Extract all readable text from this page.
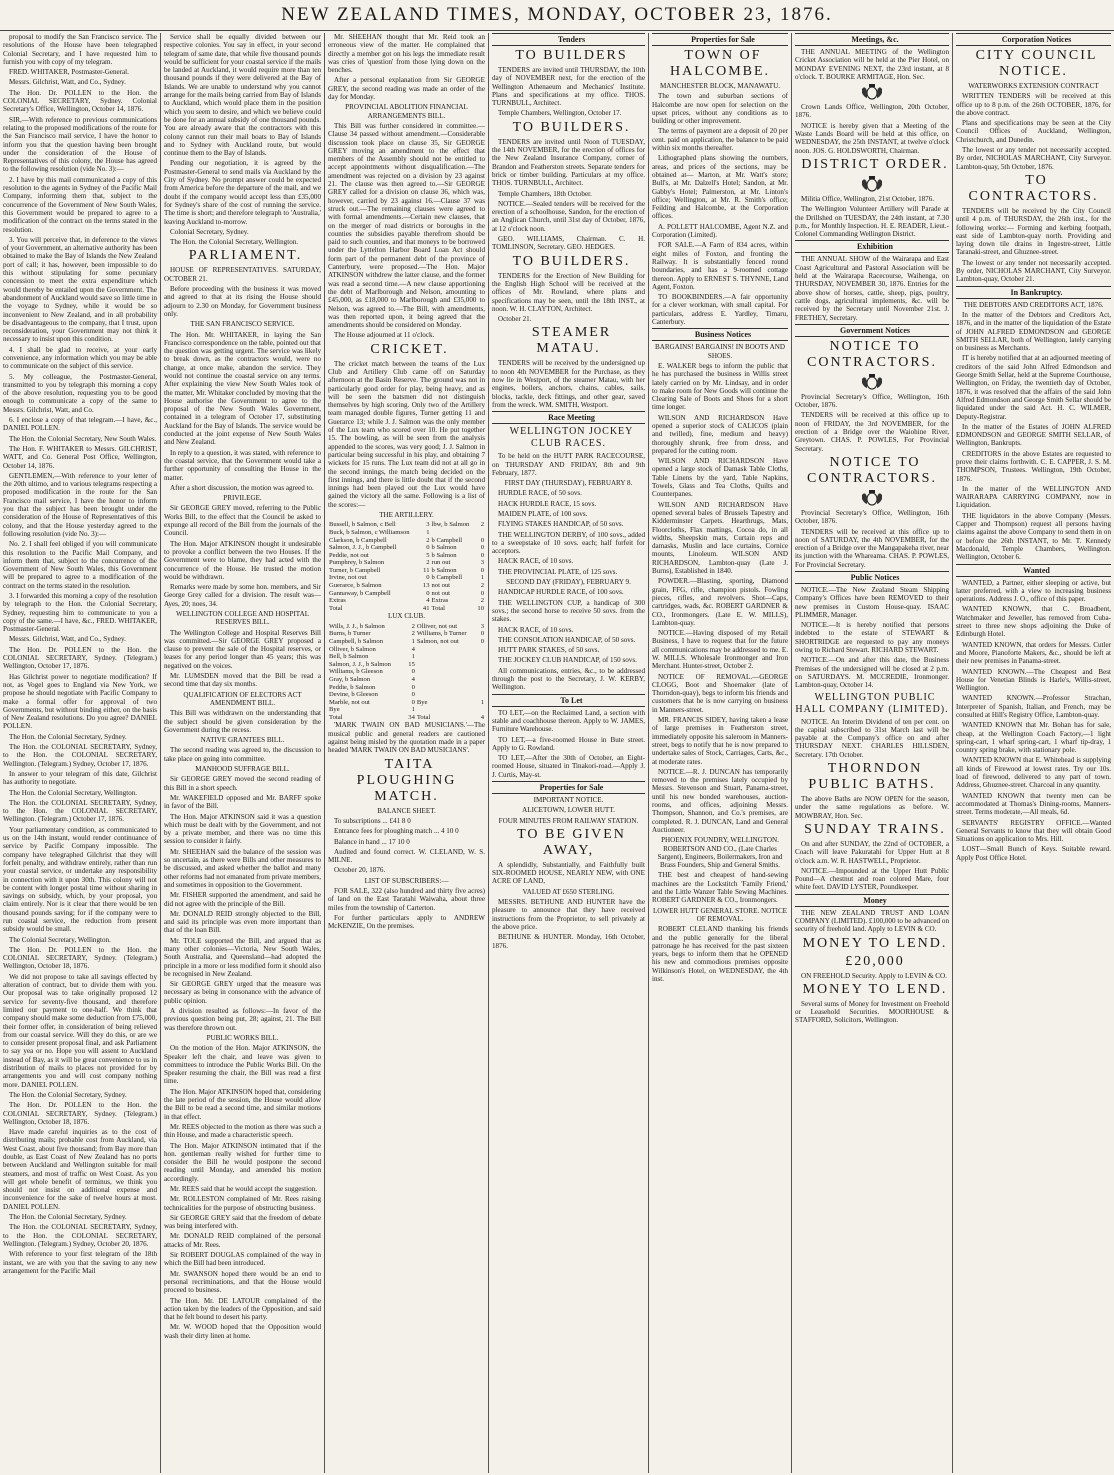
NEW ZEALAND TIMES, MONDAY, OCTOBER 23, 1876.

proposal to modify the San Francisco service. The resolutions of the House have been telegraphed Colonial Secretary, and I have requested him to furnish you with copy of my telegram.

FRED. WHITAKER, Postmaster-General.

Messrs. Gilchrist, Watt, and Co., Sydney.

The Hon. Dr. POLLEN to the Hon. the COLONIAL SECRETARY, Sydney. Colonial Secretary's Office, Wellington, October 14, 1876.

SIR,—With reference to previous communications relating to the proposed modifications of the route for the San Francisco mail service, I have the honor to inform you that the question having been brought under the consideration of the House of Representatives of this colony, the House has agreed to the following resolution (vide No. 3):—

2. I have by this mail communicated a copy of this resolution to the agents in Sydney of the Pacific Mail Company, informing them that, subject to the concurrence of the Government of New South Wales, this Government would be prepared to agree to a modification of the contract on the terms stated in the resolution.

3. You will perceive that, in deference to the views of your Government, an alternative authority has been obtained to make the Bay of Islands the New Zealand port of call; it has, however, been impossible to do this without stipulating for some pecuniary concession to meet the extra expenditure which would thereby be entailed upon the Government. The abandonment of Auckland would save so little time in the voyage to Sydney, while it would be so inconvenient to New Zealand, and in all probability be disadvantageous to the company, that I trust, upon reconsideration, your Government may not think it necessary to insist upon this condition.

4. I shall be glad to receive, at your early convenience, any information which you may be able to communicate on the subject of this service.

5. My colleague, the Postmaster-General, transmitted to you by telegraph this morning a copy of the above resolution, requesting you to be good enough to communicate a copy of the same to Messrs. Gilchrist, Watt, and Co.

6. I enclose a copy of that telegram.—I have, &c., DANIEL POLLEN.

The Hon. the Colonial Secretary, New South Wales.

The Hon. F. WHITAKER to Messrs. GILCHRIST, WATT, and Co. General Post Office, Wellington, October 14, 1876.

GENTLEMEN,—With reference to your letter of the 20th ultimo, and to various telegrams respecting a proposed modification in the route for the San Francisco mail service, I have the honor to inform you that the subject has been brought under the consideration of the House of Representatives of this colony, and that the House yesterday agreed to the following resolution (vide No. 3):—

No. 2. I shall feel obliged if you will communicate this resolution to the Pacific Mail Company, and inform them that, subject to the concurrence of the Government of New South Wales, this Government will be prepared to agree to a modification of the contract on the terms stated in the resolution.

3. I forwarded this morning a copy of the resolution by telegraph to the Hon. the Colonial Secretary, Sydney, requesting him to communicate to you a copy of the same.—I have, &c., FRED. WHITAKER, Postmaster-General.

Messrs. Gilchrist, Watt, and Co., Sydney.

The Hon. Dr. POLLEN to the Hon. the COLONIAL SECRETARY, Sydney. (Telegram.) Wellington, October 17, 1876.

Has Gilchrist power to negotiate modification? If not, as Vogel goes to England via New York, we propose he should negotiate with Pacific Company to make a formal offer for approval of two Governments, but without binding either, on the basis of New Zealand resolutions. Do you agree? DANIEL POLLEN.

The Hon. the Colonial Secretary, Sydney.

The Hon. the COLONIAL SECRETARY, Sydney, to the Hon. the COLONIAL SECRETARY, Wellington. (Telegram.) Sydney, October 17, 1876.

In answer to your telegram of this date, Gilchrist has authority to negotiate.

The Hon. the Colonial Secretary, Wellington.

The Hon. the COLONIAL SECRETARY, Sydney, to the Hon. the COLONIAL SECRETARY, Wellington. (Telegram.) October 17, 1876.

Your parliamentary condition, as communicated to us on the 14th instant, would render continuance of service by Pacific Company impossible. The company have telegraphed Gilchrist that they will forfeit penalty, and withdraw entirely, rather than run your coastal service, or undertake any responsibility in connection with it upon 30th. This colony will not be content with longer postal time without sharing in savings on subsidy, which, by your proposal, you claim entirely. Nor is it clear that there would be ten thousand pounds saving; for if the company were to run coastal service, the reduction from present subsidy would be small.

The Colonial Secretary, Wellington.

The Hon. Dr. POLLEN to the Hon. the COLONIAL SECRETARY, Sydney. (Telegram.) Wellington, October 18, 1876.

We did not propose to take all savings effected by alteration of contract, but to divide them with you. Our proposal was to take originally proposed 12 service for seventy-five thousand, and therefore limited our payment to one-half. We think that company should make some deduction from £75,000, their former offer, in consideration of being relieved from our coastal service. Will they do this, or are we to consider present proposal final, and ask Parliament to say yea or no. Hope you will assent to Auckland instead of Bay, as it will be great convenience to us in distribution of mails to places not provided for by arrangements you and will cost company nothing more. DANIEL POLLEN.

The Hon. the Colonial Secretary, Sydney.

The Hon. Dr. POLLEN to the Hon. the COLONIAL SECRETARY, Sydney. (Telegram.) Wellington, October 18, 1876.

Have made careful inquiries as to the cost of distributing mails; probable cost from Auckland, via West Coast, about five thousand; from Bay more than double, as East Coast of New Zealand has no ports between Auckland and Wellington suitable for mail steamers, and most of traffic on West Coast. As you will get whole benefit of terminus, we think you should not insist on additional expense and inconvenience for the sake of twelve hours at most. DANIEL POLLEN.

The Hon. the Colonial Secretary, Sydney.

The Hon. the COLONIAL SECRETARY, Sydney, to the Hon. the COLONIAL SECRETARY, Wellington. (Telegram.) Sydney, October 20, 1876.

With reference to your first telegram of the 18th instant, we are with you that the saving to any new arrangement for the Pacific Mail

Service shall be equally divided between our respective colonies. You say in effect, in your second telegram of same date, that while five thousand pounds would be sufficient for your coastal service if the mails be landed at Auckland, it would require more than ten thousand pounds if they were delivered at the Bay of Islands. We are unable to understand why you cannot arrange for the mails being carried from Bay of Islands to Auckland, which would place them in the position which you seem to desire, and which we believe could be done for an annual subsidy of one thousand pounds. You are already aware that the contractors with this colony cannot run their mail boats to Bay of Islands and to Sydney with Auckland route, but would continue them to the Bay of Islands.

Pending our negotiation, it is agreed by the Postmaster-General to send mails via Auckland by the City of Sydney. No prompt answer could be expected from America before the departure of the mail, and we doubt if the company would accept less than £35,000 for Sydney's share of the cost of running the service. The time is short; and therefore telegraph to 'Australia,' leaving Auckland to-morrow.

Colonial Secretary, Sydney.

The Hon. the Colonial Secretary, Wellington.

PARLIAMENT.

HOUSE OF REPRESENTATIVES. SATURDAY, OCTOBER 21.

Before proceeding with the business it was moved and agreed to that at its rising the House should adjourn to 2.30 on Monday, for Government business only.

THE SAN FRANCISCO SERVICE.

The Hon. Mr. WHITAKER, in laying the San Francisco correspondence on the table, pointed out that the question was getting urgent. The service was likely to break down, as the contractors would, were no change, at once make, abandon the service. They would not continue the coastal service on any terms. After explaining the view New South Wales took of the matter, Mr. Whitaker concluded by moving that the House authorise the Government to agree to the proposal of the New South Wales Government, contained in a telegram of October 17, substituting Auckland for the Bay of Islands. The service would be conducted at the joint expense of New South Wales and New Zealand.

In reply to a question, it was stated, with reference to the coastal service, that the Government would take a further opportunity of consulting the House in the matter.

After a short discussion, the motion was agreed to.

PRIVILEGE.

Sir GEORGE GREY moved, referring to the Public Works Bill, to the effect that the Council be asked to expunge all record of the Bill from the journals of the Council.

The Hon. Major ATKINSON thought it undesirable to provoke a conflict between the two Houses. If the Government were to blame, they had acted with the concurrence of the House. He trusted the motion would be withdrawn.

Remarks were made by some hon. members, and Sir George Grey called for a division. The result was—Ayes, 20; noes, 34.

WELLINGTON COLLEGE AND HOSPITAL RESERVES BILL.

The Wellington College and Hospital Reserves Bill was committed.—Sir GEORGE GREY proposed a clause to prevent the sale of the Hospital reserves, or leases for any period longer than 45 years; this was negatived on the voices.

Mr. LUMSDEN moved that the Bill be read a second time that day six months.

QUALIFICATION OF ELECTORS ACT AMENDMENT BILL.

This Bill was withdrawn on the understanding that the subject should be given consideration by the Government during the recess.

NATIVE GRANTEES BILL.

The second reading was agreed to, the discussion to take place on going into committee.

MANHOOD SUFFRAGE BILL.

Sir GEORGE GREY moved the second reading of this Bill in a short speech.

Mr. WAKEFIELD opposed and Mr. BARFF spoke in favor of the Bill.

The Hon. Major ATKINSON said it was a question which must be dealt with by the Government, and not by a private member, and there was no time this session to consider it fairly.

Mr. SHEEHAN said the balance of the session was so uncertain, as there were Bills and other measures to be discussed, and asked whether the ballot and many other reforms had not emanated from private members, and sometimes in opposition to the Government.

Mr. FISHER supported the amendment, and said he did not agree with the principle of the Bill.

Mr. DONALD REID strongly objected to the Bill, and said its principle was even more important than that of the loan Bill.

Mr. TOLE supported the Bill, and argued that as many other colonies—Victoria, New South Wales, South Australia, and Queensland—had adopted the principle in a more or less modified form it should also be recognised in New Zealand.

Sir GEORGE GREY urged that the measure was necessary as being in consonance with the advance of public opinion.

A division resulted as follows:—In favor of the previous question being put, 28; against, 21. The Bill was therefore thrown out.

PUBLIC WORKS BILL.

On the motion of the Hon. Major ATKINSON, the Speaker left the chair, and leave was given to committees to introduce the Public Works Bill. On the Speaker resuming the chair, the Bill was read a first time.

The Hon. Major ATKINSON hoped that, considering the late period of the session, the House would allow the Bill to be read a second time, and similar motions in that effect.

Mr. REES objected to the motion as there was such a thin House, and made a characteristic speech.

The Hon. Major ATKINSON intimated that if the hon. gentleman really wished for further time to consider the Bill he would postpone the second reading until Monday, and amended his motion accordingly.

Mr. REES said that he would accept the suggestion.

Mr. ROLLESTON complained of Mr. Rees raising technicalities for the purpose of obstructing business.

Sir GEORGE GREY said that the freedom of debate was being interfered with.

Mr. DONALD REID complained of the personal attacks of Mr. Rees.

Sir ROBERT DOUGLAS complained of the way in which the Bill had been introduced.

Mr. SWANSON hoped there would be an end to personal recriminations, and that the House would proceed to business.

The Hon. Mr. DE LATOUR complained of the action taken by the leaders of the Opposition, and said that he felt bound to desert his party.

Mr. W. WOOD hoped that the Opposition would wash their dirty linen at home.

Mr. SHEEHAN thought that Mr. Reid took an erroneous view of the matter. He complained that directly a member got on his legs the immediate result was cries of 'question' from those lying down on the benches.

After a personal explanation from Sir GEORGE GREY, the second reading was made an order of the day for Monday.

PROVINCIAL ABOLITION FINANCIAL ARRANGEMENTS BILL.

This Bill was further considered in committee.—Clause 34 passed without amendment.—Considerable discussion took place on clause 35, Sir GEORGE GREY moving an amendment to the effect that members of the Assembly should not be entitled to accept appointments without disqualification.—The amendment was rejected on a division by 23 against 21. The clause was then agreed to.—Sir GEORGE GREY called for a division on clause 36, which was, however, carried by 23 against 16.—Clause 37 was struck out.—The remaining clauses were agreed to with formal amendments.—Certain new clauses, that on the merger of road districts or boroughs in the counties the subsidies payable therefrom should be paid to such counties, and that moneys to be borrowed under the Lyttelton Harbor Board Loan Act should form part of the permanent debt of the province of Canterbury, were proposed.—The Hon. Major ATKINSON withdrew the latter clause, and the former was read a second time.—A new clause apportioning the debt of Marlborough and Nelson, amounting to £45,000, as £18,000 to Marlborough and £35,000 to Nelson, was agreed to.—The Bill, with amendments, was then reported upon, it being agreed that the amendments should be considered on Monday.

The House adjourned at 11 o'clock.

CRICKET.

The cricket match between the teams of the Lux Club and Artillery Club came off on Saturday afternoon at the Basin Reserve. The ground was not in particularly good order for play, being heavy, and as will be seen the batsmen did not distinguish themselves by high scoring. Only two of the Artillery team managed double figures, Turner getting 11 and Guerarce 13; while J. J. Salmon was the only member of the Lux team who scored over 10. He put together 15. The bowling, as will be seen from the analysis appended to the scores, was very good; J. J. Salmon in particular being successful in his play, and obtaining 7 wickets for 15 runs. The Lux team did not at all go in the second innings, the match being decided on the first innings, and there is little doubt that if the second innings had been played out the Lux would have gained the victory all the same. Following is a list of the scores:—

THE ARTILLERY.

Bussell, b Salmon, c Bell	3	lbw, b Salmon	2
Buck, b Salmon, c Williamson	1		
Clarkson, b Campbell	2	b Campbell	0
Salmon, J. J., b Campbell	0	b Salmon	0
Peddie, not out	5	b Salmon	0
Pumphrey, b Salmon	2	run out	3
Turner, b Campbell	11	b Salmon	0
Irvine, not out	0	b Campbell	1
Guerarce, b Salmon	13	not out	2
Gannaway, b Campbell	0	not out	0
Extras	4	Extras	2
Total	41	Total	10

LUX CLUB.

Wills, J. J., b Salmon	2	Olliver, not out	3
Burns, b Turner	2	Williams, b Turner	0
Campbell, b Salmon	1	Salmon, not out	0
Olliver, b Salmon	4		
Bell, b Salmon	1		
Salmon, J. J., b Salmon	15		
Williams, b Gleeson	0		
Gray, b Salmon	4		
Peddie, b Salmon	0		
Devine, b Gleeson	0		
Marble, not out	0	Bye	1
Bye	1		
Total	34	Total	4

'MARK TWAIN ON BAD MUSICIANS.'—The musical public and general readers are cautioned against being misled by the quotation made in a paper headed 'MARK TWAIN ON BAD MUSICIANS'.

TAITA PLOUGHING MATCH.

BALANCE SHEET.

To subscriptions ... £41 8 0

Entrance fees for ploughing match ... 4 10 0

Balance in hand ... 17 10 0

Audited and found correct. W. CLELAND, W. S. MILNE.

October 20, 1876.

LIST OF SUBSCRIBERS:—

FOR SALE, 322 (also hundred and thirty five acres) of land on the East Taratahi Waiwaha, about three miles from the township of Carterton.

For further particulars apply to ANDREW McKENZIE, On the premises.

Tenders

TO BUILDERS

TENDERS are invited until THURSDAY, the 10th day of NOVEMBER next, for the erection of the Wellington Athenaeum and Mechanics' Institute. Plans and specifications at my office. THOS. TURNBULL, Architect.

Temple Chambers, Wellington, October 17.

TO BUILDERS.

TENDERS are invited until Noon of TUESDAY, the 14th NOVEMBER, for the erection of offices for the New Zealand Insurance Company, corner of Brandon and Featherston streets. Separate tenders for brick or timber building. Particulars at my office. THOS. TURNBULL, Architect.

Temple Chambers, 18th October.

NOTICE.—Sealed tenders will be received for the erection of a schoolhouse, Sandon, for the erection of an Anglican Church, until 31st day of October, 1876, at 12 o'clock noon.

GEO. WILLIAMS, Chairman. C. H. TOMLINSON, Secretary. GEO. HEDGES.

TO BUILDERS.

TENDERS for the Erection of New Building for the English High School will be received at the offices of Mr. Rowland, where plans and specifications may be seen, until the 18th INST., at noon. W. H. CLAYTON, Architect.

October 21.

STEAMER MATAU.

TENDERS will be received by the undersigned up to noon 4th NOVEMBER for the Purchase, as they now lie in Westport, of the steamer Matau, with her engines, boilers, anchors, chains, cables, sails, blocks, tackle, deck fittings, and other gear, saved from the wreck. WM. SMITH, Westport.

Race Meeting

WELLINGTON JOCKEY CLUB RACES.

To be held on the HUTT PARK RACECOURSE, on THURSDAY AND FRIDAY, 8th and 9th February, 1877.

FIRST DAY (THURSDAY), FEBRUARY 8.

HURDLE RACE, of 50 sovs.

HACK HURDLE RACE, 15 sovs.

MAIDEN PLATE, of 100 sovs.

FLYING STAKES HANDICAP, of 50 sovs.

THE WELLINGTON DERBY, of 100 sovs., added to a sweepstake of 10 sovs. each; half forfeit for acceptors.

HACK RACE, of 10 sovs.

THE PROVINCIAL PLATE, of 125 sovs.

SECOND DAY (FRIDAY), FEBRUARY 9.

HANDICAP HURDLE RACE, of 100 sovs.

THE WELLINGTON CUP, a handicap of 300 sovs.; the second horse to receive 50 sovs. from the stakes.

HACK RACE, of 10 sovs.

THE CONSOLATION HANDICAP, of 50 sovs.

HUTT PARK STAKES, of 50 sovs.

THE JOCKEY CLUB HANDICAP, of 150 sovs.

All communications, entries, &c., to be addressed through the post to the Secretary, J. W. KERBY, Wellington.

To Let

TO LET,—on the Reclaimed Land, a section with stable and coachhouse thereon. Apply to W. JAMES, Furniture Warehouse.

TO LET,—a five-roomed House in Bute street. Apply to G. Rowland.

TO LET,—After the 30th of October, an Eight-roomed House, situated in Tinakori-road.—Apply J. J. Curtis, May-st.

Properties for Sale

IMPORTANT NOTICE.

ALICETOWN, LOWER HUTT.

FOUR MINUTES FROM RAILWAY STATION.

TO BE GIVEN AWAY,

A splendidly, Substantially, and Faithfully built SIX-ROOMED HOUSE, NEARLY NEW, with ONE ACRE OF LAND,

VALUED AT £650 STERLING.

MESSRS. BETHUNE AND HUNTER have the pleasure to announce that they have received instructions from the Proprietor, to sell privately at the above price.

BETHUNE & HUNTER. Monday, 16th October, 1876.

Properties for Sale

TOWN OF HALCOMBE.

MANCHESTER BLOCK, MANAWATU.

The town and suburban sections of Halcombe are now open for selection on the upset prices, without any conditions as to building or other improvement.

The terms of payment are a deposit of 20 per cent. paid on application, the balance to be paid within six months thereafter.

Lithographed plans showing the numbers, areas, and prices of the sections, may be obtained at— Marton, at Mr. Watt's store; Bull's, at Mr. Dalzell's Hotel; Sandon, at Mr. Gabby's Hotel; Palmerston, at Mr. Linton's office; Wellington, at Mr. R. Smith's office; Feilding and Halcombe, at the Corporation offices.

A. POLLETT HALCOMBE, Agent N.Z. and Corporation (Limited).

FOR SALE.—A Farm of 834 acres, within eight miles of Foxton, and fronting the Railway. It is substantially fenced round boundaries, and has a 9-roomed cottage thereon. Apply to ERNEST S. THYNNE, Land Agent, Foxton.

TO BOOKBINDERS.—A fair opportunity for a clever workman, with small capital. For particulars, address E. Yardley, Timaru, Canterbury.

Business Notices

BARGAINS! BARGAINS! IN BOOTS AND SHOES.

E. WALKER begs to inform the public that he has purchased the business in Willis street lately carried on by Mr. Lindsay, and in order to make room for New Goods will continue the Clearing Sale of Boots and Shoes for a short time longer.

WILSON AND RICHARDSON Have opened a superior stock of CALICOS (plain and twilled), fine, medium and heavy) thoroughly shrunk, free from dress, and prepared for the cutting room.

WILSON AND RICHARDSON Have opened a large stock of Damask Table Cloths, Table Linens by the yard, Table Napkins, Towels, Glass and Tea Cloths, Quilts and Counterpanes.

WILSON AND RICHARDSON Have opened several bales of Brussels Tapestry and Kidderminster Carpets. Hearthrugs, Mats, Floorcloths, Flax mattings, Cocoa do, in all widths, Sheepskin mats, Curtain reps and damasks, Muslin and lace curtains, Cornice mounts, Linoleum. WILSON AND RICHARDSON, Lambton-quay (Late J. Burns), Established in 1840.

POWDER.—Blasting, sporting, Diamond grain, FFG, rifle, champion pistols. Fowling pieces, rifles, and revolvers. Shot—Caps, cartridges, wads, &c. ROBERT GARDNER & CO., Ironmongers. (Late E. W. MILLS), Lambton-quay.

NOTICE.—Having disposed of my Retail Business, I have to request that for the future all communications may be addressed to me. E. W. MILLS. Wholesale Ironmonger and Iron Merchant. Hunter-street, October 2.

NOTICE OF REMOVAL.—GEORGE CLOGG, Boot and Shoemaker (late of Thorndon-quay), begs to inform his friends and customers that he is now carrying on business in Manners-street.

MR. FRANCIS SIDEY, having taken a lease of large premises in Featherston street, immediately opposite his saleroom in Manners-street, begs to notify that he is now prepared to undertake sales of Stock, Carriages, Carts, &c., at moderate rates.

NOTICE.—R. J. DUNCAN has temporarily removed to the premises lately occupied by Messrs. Stevenson and Stuart, Panama-street, until his new bonded warehouses, auction-rooms, and offices, adjoining Messrs. Thompson, Shannon, and Co.'s premises, are completed. R. J. DUNCAN, Land and General Auctioneer.

PHOENIX FOUNDRY, WELLINGTON. ROBERTSON AND CO., (Late Charles Sargent), Engineers, Boilermakers, Iron and Brass Founders, Ship and General Smiths.

THE best and cheapest of hand-sewing machines are the Lockstitch 'Family Friend,' and the Little Wanzer Table Sewing Machines. ROBERT GARDNER & CO., Ironmongers.

LOWER HUTT GENERAL STORE. NOTICE OF REMOVAL.

ROBERT CLELAND thanking his friends and the public generally for the liberal patronage he has received for the past sixteen years, begs to inform them that he OPENED his new and commodious premises opposite Wilkinson's Hotel, on WEDNESDAY, the 4th inst.

Meetings, &c.

THE ANNUAL MEETING of the Wellington Cricket Association will be held at the Pier Hotel, on MONDAY EVENING NEXT, the 23rd instant, at 8 o'clock. T. BOURKE ARMITAGE, Hon. Sec.

Crown Lands Office, Wellington, 20th October, 1876.

NOTICE is hereby given that a Meeting of the Waste Lands Board will be held at this office, on WEDNESDAY, the 25th INSTANT, at twelve o'clock noon. JOS. G. HOLDSWORTH, Chairman.

DISTRICT ORDER.

Militia Office, Wellington, 21st October, 1876.

The Wellington Volunteer Artillery will Parade at the Drillshed on TUESDAY, the 24th instant, at 7.30 p.m., for Monthly Inspection. H. E. READER, Lieut.-Colonel Commanding Wellington District.

Exhibition

THE ANNUAL SHOW of the Wairarapa and East Coast Agricultural and Pastoral Association will be held at the Wairarapa Racecourse, Waihenga, on THURSDAY, NOVEMBER 30, 1876. Entries for the above show of horses, cattle, sheep, pigs, poultry, cattle dogs, agricultural implements, &c. will be received by the Secretary until November 21st. J. FRETHEY, Secretary.

Government Notices

NOTICE TO CONTRACTORS.

Provincial Secretary's Office, Wellington, 16th October, 1876.

TENDERS will be received at this office up to noon of FRIDAY, the 3rd NOVEMBER, for the erection of a Bridge over the Waiohine River, Greytown. CHAS. P. POWLES, For Provincial Secretary.

NOTICE TO CONTRACTORS.

Provincial Secretary's Office, Wellington, 16th October, 1876.

TENDERS will be received at this office up to noon of SATURDAY, the 4th NOVEMBER, for the erection of a Bridge over the Mangapakeha river, near its junction with the Whareama. CHAS. P. POWLES, For Provincial Secretary.

Public Notices

NOTICE.—The New Zealand Steam Shipping Company's Offices have been REMOVED to their new premises in Custom House-quay. ISAAC PLIMMER, Manager.

NOTICE.—It is hereby notified that persons indebted to the estate of STEWART & SHORTRIDGE are requested to pay any moneys owing to Richard Stewart. RICHARD STEWART.

NOTICE.—On and after this date, the Business Premises of the undersigned will be closed at 2 p.m. on SATURDAYS. M. MCCREDIE, Ironmonger. Lambton-quay, October 14.

WELLINGTON PUBLIC HALL COMPANY (LIMITED).

NOTICE. An Interim Dividend of ten per cent. on the capital subscribed to 31st March last will be payable at the Company's office on and after THURSDAY NEXT. CHARLES HILLSDEN, Secretary. 17th October.

THORNDON PUBLIC BATHS.

The above Baths are NOW OPEN for the season, under the same regulations as before. W. MOWBRAY, Hon. Sec.

SUNDAY TRAINS.

On and after SUNDAY, the 22nd of OCTOBER, a Coach will leave Pakuratahi for Upper Hutt at 8 o'clock a.m. W. R. HASTWELL, Proprietor.

NOTICE.—Impounded at the Upper Hutt Public Pound—A chestnut and roan colored Mare, four white feet. DAVID LYSTER, Poundkeeper.

Money

THE NEW ZEALAND TRUST AND LOAN COMPANY (LIMITED). £100,000 to be advanced on security of freehold land. Apply to LEVIN & CO.

MONEY TO LEND.

£20,000

ON FREEHOLD Security. Apply to LEVIN & CO.

MONEY TO LEND.

Several sums of Money for Investment on Freehold or Leasehold Securities. MOORHOUSE & STAFFORD, Solicitors, Wellington.

Corporation Notices

CITY COUNCIL NOTICE.

WATERWORKS EXTENSION CONTRACT

WRITTEN TENDERS will be received at this office up to 8 p.m. of the 26th OCTOBER, 1876, for the above contract.

Plans and specifications may be seen at the City Council Offices of Auckland, Wellington, Christchurch, and Dunedin.

The lowest or any tender not necessarily accepted. By order, NICHOLAS MARCHANT, City Surveyor. Lambton-quay, 5th October, 1876.

TO CONTRACTORS.

TENDERS will be received by the City Council until 4 p.m. of THURSDAY, the 26th inst., for the following works:— Forming and kerbing footpath, east side of Lambton-quay north. Providing and laying down tile drains in Ingestre-street, Little Taranaki-street, and Ghuznee-street.

The lowest or any tender not necessarily accepted. By order, NICHOLAS MARCHANT, City Surveyor. Lambton-quay, October 21.

In Bankruptcy.

THE DEBTORS AND CREDITORS ACT, 1876.

In the matter of the Debtors and Creditors Act, 1876, and in the matter of the liquidation of the Estate of JOHN ALFRED EDMONDSON and GEORGE SMITH SELLAR, both of Wellington, lately carrying on business as Merchants.

IT is hereby notified that at an adjourned meeting of creditors of the said John Alfred Edmondson and George Smith Sellar, held at the Supreme Courthouse, Wellington, on Friday, the twentieth day of October, 1876, it was resolved that the affairs of the said John Alfred Edmondson and George Smith Sellar should be liquidated under the said Act. H. C. WILMER, Deputy-Registrar.

In the matter of the Estates of JOHN ALFRED EDMONDSON and GEORGE SMITH SELLAR, of Wellington, Bankrupts.

CREDITORS in the above Estates are requested to prove their claims forthwith. C. E. CAPPER, J. S. M. THOMPSON, Trustees. Wellington, 19th October, 1876.

In the matter of the WELLINGTON AND WAIRARAPA CARRYING COMPANY, now in Liquidation.

THE liquidators in the above Company (Messrs. Capper and Thompson) request all persons having claims against the above Company to send them in on or before the 26th INSTANT, to Mr. T. Kennedy Macdonald, Temple Chambers, Wellington. Wellington, October 6.

Wanted

WANTED, a Partner, either sleeping or active, but latter preferred, with a view to increasing business operations. Address J. O., office of this paper.

WANTED KNOWN, that C. Broadbent, Watchmaker and Jeweller, has removed from Cuba-street to three new shops adjoining the Duke of Edinburgh Hotel.

WANTED KNOWN, that orders for Messrs. Cutler and Moore, Pianoforte Makers, &c., should be left at their new premises in Panama-street.

WANTED KNOWN.—The Cheapest and Best House for Venetian Blinds is Harle's, Willis-street, Wellington.

WANTED KNOWN.—Professor Strachan, Interpreter of Spanish, Italian, and French, may be consulted at Hill's Registry Office, Lambton-quay.

WANTED KNOWN that Mr. Bohan has for sale, cheap, at the Wellington Coach Factory,—1 light spring-cart, 1 wharf spring-cart, 1 wharf tip-dray, 1 country spring brake, with stationary pole.

WANTED KNOWN that E. Whitehead is supplying all kinds of Firewood at lowest rates. Try our 10s. load of firewood, delivered to any part of town. Address, Ghuznee-street. Charcoal in any quantity.

WANTED KNOWN that twenty men can be accommodated at Thomas's Dining-rooms, Manners-street. Terms moderate,—All meals, 6d.

SERVANTS' REGISTRY OFFICE.—Wanted General Servants to know that they will obtain Good Situations on application to Mrs. Hill.

LOST—Small Bunch of Keys. Suitable reward. Apply Post Office Hotel.
